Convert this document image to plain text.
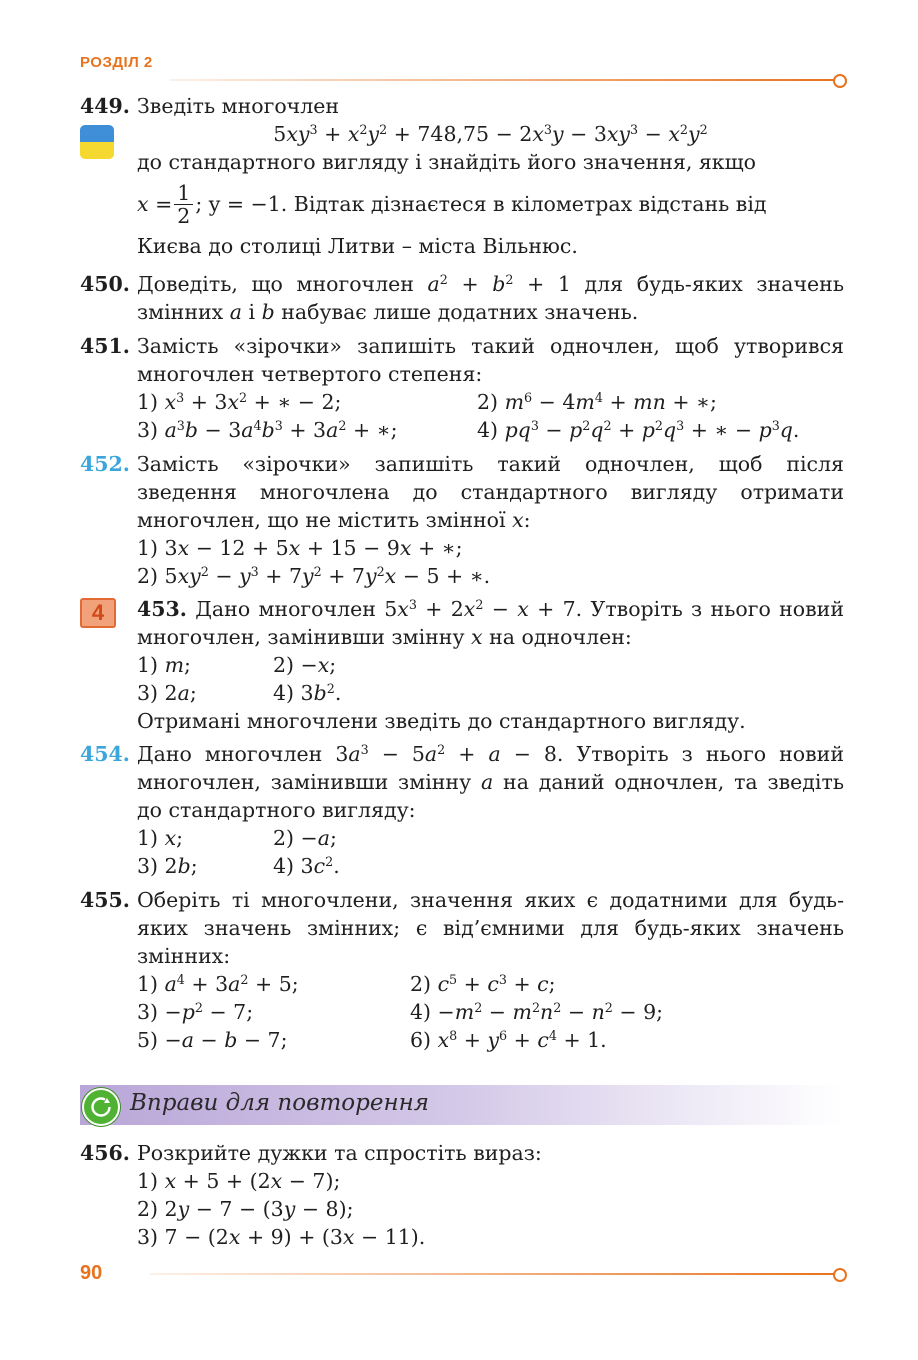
РОЗДІЛ 2
449. Зведіть многочлен
$5xy^3 + x^2y^2 + 748,75 - 2x^3y - 3xy^3 - x^2y^2$
до стандартного вигляду і знайдіть його значення, якщо
$x = \frac{1}{2}$ ; y = −1. Відтак дізнаєтеся в кілометрах відстань від
Києва до столиці Литви – міста Вільнюс.
450. Доведіть, що многочлен $a^2 + b^2 + 1$ для будь-яких значень змінних a і b набуває лише додатних значень.
451. Замість «зірочки» запишіть такий одночлен, щоб утворився многочлен четвертого степеня:
1) $x^3 + 3x^2$ + ∗ − 2;	2) $m^6 - 4m^4$ + mn + ∗;
3) $a^3b - 3a^4b^3 + 3a^2$ + ∗;	4) $pq^3 - p^2q^2 + p^2q^3$ + ∗ − $p^3q$.
452. Замість «зірочки» запишіть такий одночлен, щоб після зведення многочлена до стандартного вигляду отримати многочлен, що не містить змінної x:
1) 3x − 12 + 5x + 15 − 9x + ∗;
2) $5xy^2 - y^3 + 7y^2 + 7y^2x - 5$ + ∗.
4	453. Дано многочлен $5x^3 + 2x^2 - x + 7$. Утворіть з нього новий многочлен, замінивши змінну x на одночлен:
1) m;	2) −x;
3) 2a;	4) $3b^2$.
Отримані многочлени зведіть до стандартного вигляду.
454. Дано многочлен $3a^3 - 5a^2 + a - 8$. Утворіть з нього новий многочлен, замінивши змінну a на даний одночлен, та зведіть до стандартного вигляду:
1) x;	2) −a;
3) 2b;	4) $3c^2$.
455. Оберіть ті многочлени, значення яких є додатними для будь-яких значень змінних; є від’ємними для будь-яких значень змінних:
1) $a^4 + 3a^2 + 5$;	2) $c^5 + c^3 + c$;
$3) -p^2 - 7$;	$4) -m^2 - m^2n^2 - n^2 - 9$;
5) −a − b − 7;	6) $x^8 + y^6 + c^4 + 1$.
Вправи для повторення
456. Розкрийте дужки та спростіть вираз:
1) x + 5 + (2x − 7);
2) 2y − 7 − (3y − 8);
3) 7 − (2x + 9) + (3x − 11).
90
